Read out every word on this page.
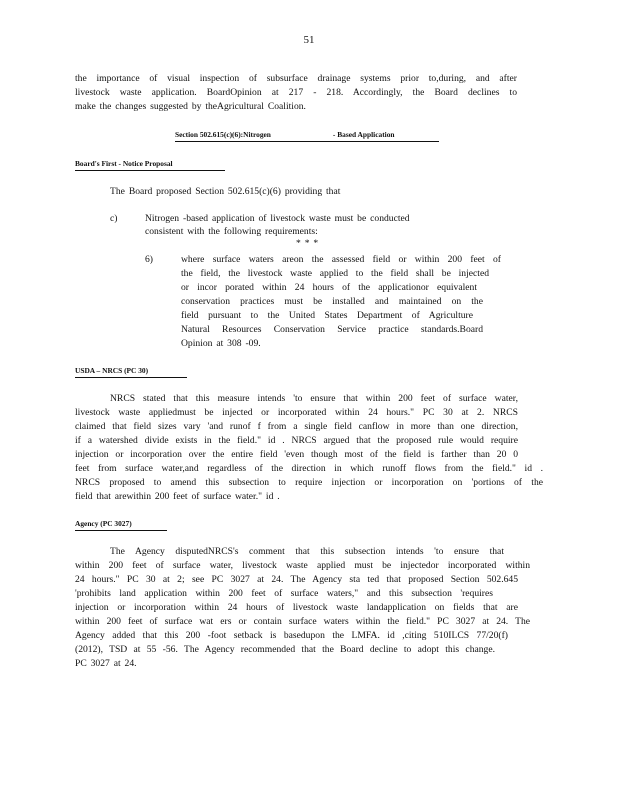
51
the importance of visual inspection of subsurface drainage systems prior to,during, and after
livestock waste application. BoardOpinion at 217 - 218. Accordingly, the Board declines to
make the changes suggested by theAgricultural Coalition.
Section 502.615(c)(6):Nitrogen	- Based Application
Board's First - Notice Proposal
The Board proposed Section 502.615(c)(6) providing that
c)	Nitrogen -based application of livestock waste must be conducted
consistent with the following requirements:
* * *
6)	where surface waters areon the assessed field or within 200 feet of
the field, the livestock waste applied to the field shall be injected
or incor porated within 24 hours of the applicationor equivalent
conservation practices must be installed and maintained on the
field pursuant to the United States Department of Agriculture
Natural Resources Conservation Service practice standards.Board
Opinion at 308 -09.
USDA – NRCS (PC 30)
NRCS stated that this measure intends 'to ensure that within 200 feet of surface water,
livestock waste appliedmust be injected or incorporated within 24 hours." PC 30 at 2. NRCS
claimed that field sizes vary 'and runof f from a single field canflow in more than one direction,
if a watershed divide exists in the field." id . NRCS argued that the proposed rule would require
injection or incorporation over the entire field 'even though most of the field is farther than 20 0
feet from surface water,and regardless of the direction in which runoff flows from the field." id .
NRCS proposed to amend this subsection to require injection or incorporation on 'portions of the
field that arewithin 200 feet of surface water." id .
Agency (PC 3027)
The Agency disputedNRCS's comment that this subsection intends 'to ensure that
within 200 feet of surface water, livestock waste applied must be injectedor incorporated within
24 hours." PC 30 at 2; see PC 3027 at 24. The Agency sta ted that proposed Section 502.645
'prohibits land application within 200 feet of surface waters," and this subsection 'requires
injection or incorporation within 24 hours of livestock waste landapplication on fields that are
within 200 feet of surface wat ers or contain surface waters within the field." PC 3027 at 24. The
Agency added that this 200 -foot setback is basedupon the LMFA. id ,citing 510ILCS 77/20(f)
(2012), TSD at 55 -56. The Agency recommended that the Board decline to adopt this change.
PC 3027 at 24.
